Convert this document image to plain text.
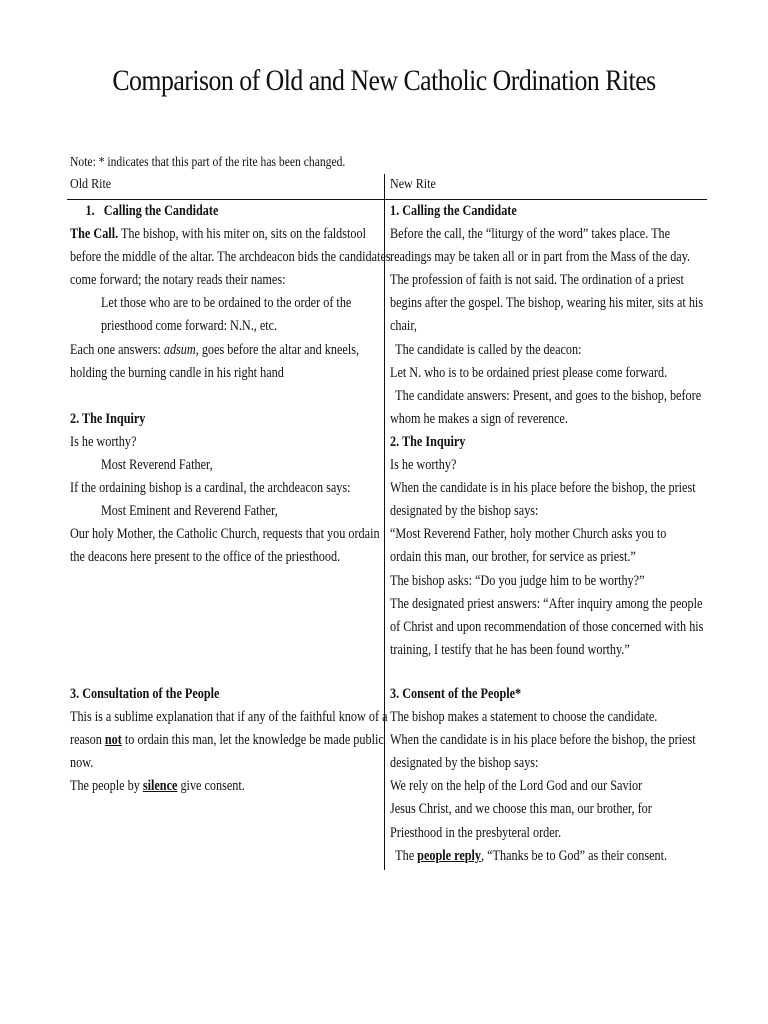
Comparison of Old and New Catholic Ordination Rites
Note: * indicates that this part of the rite has been changed.
Old Rite	New Rite
1.   Calling the Candidate
The Call. The bishop, with his miter on, sits on the faldstool
before the middle of the altar. The archdeacon bids the candidates
come forward; the notary reads their names:
Let those who are to be ordained to the order of the
priesthood come forward: N.N., etc.
Each one answers: adsum, goes before the altar and kneels,
holding the burning candle in his right hand
2. The Inquiry
Is he worthy?
Most Reverend Father,
If the ordaining bishop is a cardinal, the archdeacon says:
Most Eminent and Reverend Father,
Our holy Mother, the Catholic Church, requests that you ordain
the deacons here present to the office of the priesthood.
3. Consultation of the People
This is a sublime explanation that if any of the faithful know of a
reason not to ordain this man, let the knowledge be made public
now.
The people by silence give consent.
1. Calling the Candidate
Before the call, the “liturgy of the word” takes place. The
readings may be taken all or in part from the Mass of the day.
The profession of faith is not said. The ordination of a priest
begins after the gospel. The bishop, wearing his miter, sits at his
chair,
The candidate is called by the deacon:
Let N. who is to be ordained priest please come forward.
The candidate answers: Present, and goes to the bishop, before
whom he makes a sign of reverence.
2. The Inquiry
Is he worthy?
When the candidate is in his place before the bishop, the priest
designated by the bishop says:
“Most Reverend Father, holy mother Church asks you to
ordain this man, our brother, for service as priest.”
The bishop asks: “Do you judge him to be worthy?”
The designated priest answers: “After inquiry among the people
of Christ and upon recommendation of those concerned with his
training, I testify that he has been found worthy.”
3. Consent of the People*
The bishop makes a statement to choose the candidate.
When the candidate is in his place before the bishop, the priest
designated by the bishop says:
We rely on the help of the Lord God and our Savior
Jesus Christ, and we choose this man, our brother, for
Priesthood in the presbyteral order.
The people reply, “Thanks be to God” as their consent.
